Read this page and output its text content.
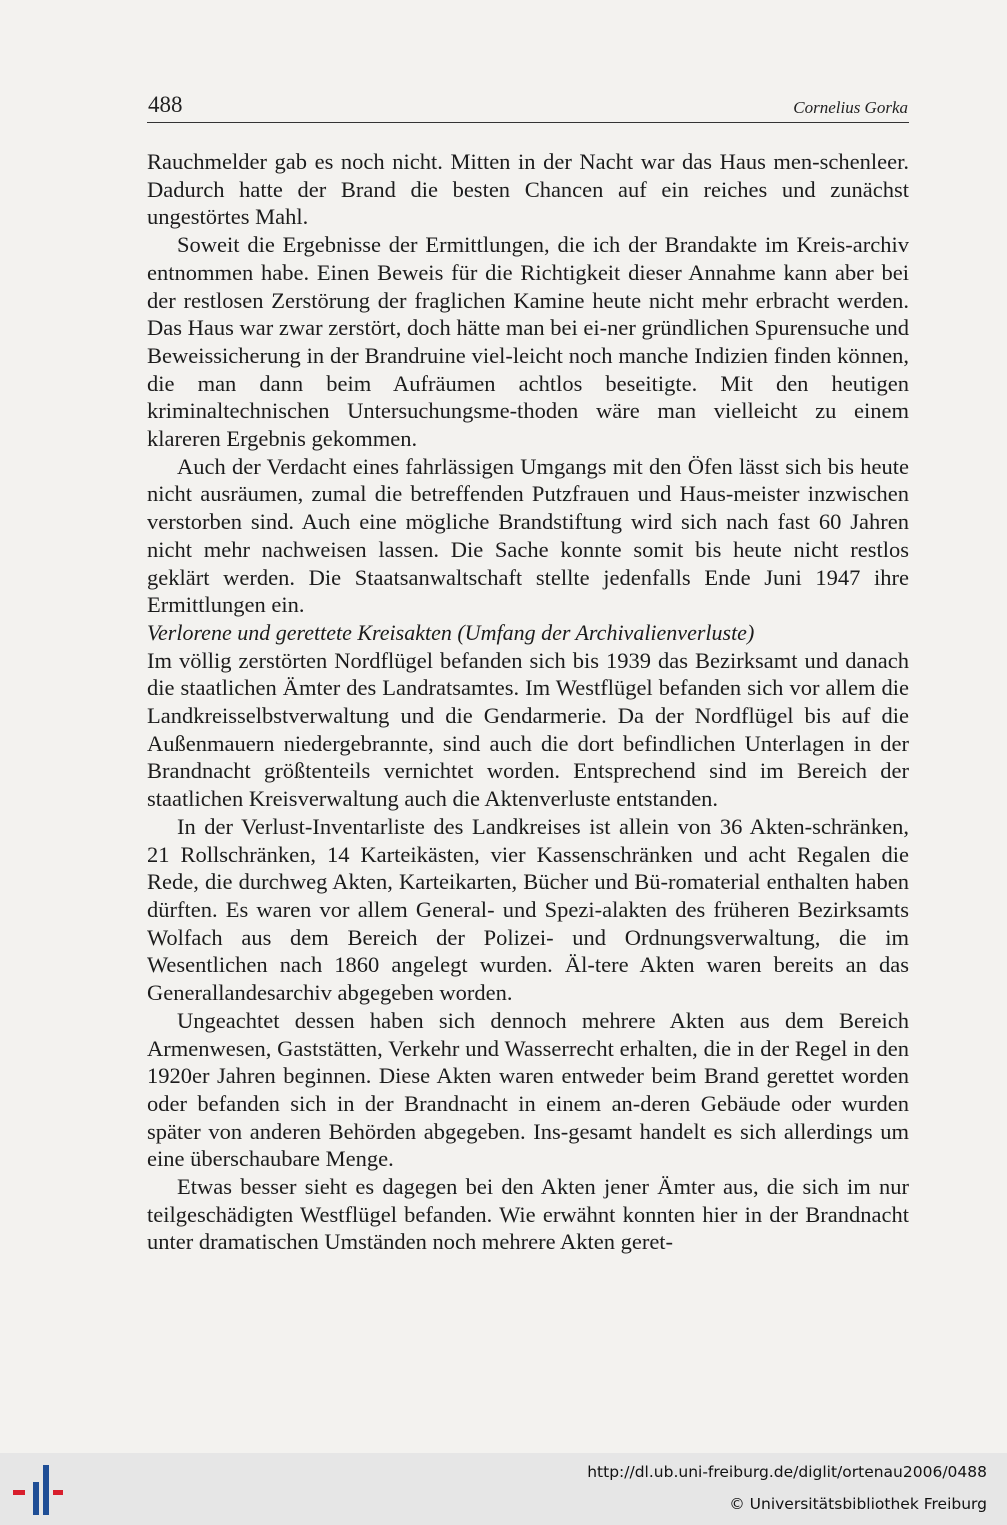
488	Cornelius Gorka

Rauchmelder gab es noch nicht. Mitten in der Nacht war das Haus men-schenleer. Dadurch hatte der Brand die besten Chancen auf ein reiches und zunächst ungestörtes Mahl.

Soweit die Ergebnisse der Ermittlungen, die ich der Brandakte im Kreis-archiv entnommen habe. Einen Beweis für die Richtigkeit dieser Annahme kann aber bei der restlosen Zerstörung der fraglichen Kamine heute nicht mehr erbracht werden. Das Haus war zwar zerstört, doch hätte man bei ei-ner gründlichen Spurensuche und Beweissicherung in der Brandruine viel-leicht noch manche Indizien finden können, die man dann beim Aufräumen achtlos beseitigte. Mit den heutigen kriminaltechnischen Untersuchungsme-thoden wäre man vielleicht zu einem klareren Ergebnis gekommen.

Auch der Verdacht eines fahrlässigen Umgangs mit den Öfen lässt sich bis heute nicht ausräumen, zumal die betreffenden Putzfrauen und Haus-meister inzwischen verstorben sind. Auch eine mögliche Brandstiftung wird sich nach fast 60 Jahren nicht mehr nachweisen lassen. Die Sache konnte somit bis heute nicht restlos geklärt werden. Die Staatsanwaltschaft stellte jedenfalls Ende Juni 1947 ihre Ermittlungen ein.

Verlorene und gerettete Kreisakten (Umfang der Archivalienverluste)

Im völlig zerstörten Nordflügel befanden sich bis 1939 das Bezirksamt und danach die staatlichen Ämter des Landratsamtes. Im Westflügel befanden sich vor allem die Landkreisselbstverwaltung und die Gendarmerie. Da der Nordflügel bis auf die Außenmauern niedergebrannte, sind auch die dort befindlichen Unterlagen in der Brandnacht größtenteils vernichtet worden. Entsprechend sind im Bereich der staatlichen Kreisverwaltung auch die Aktenverluste entstanden.

In der Verlust-Inventarliste des Landkreises ist allein von 36 Akten-schränken, 21 Rollschränken, 14 Karteikästen, vier Kassenschränken und acht Regalen die Rede, die durchweg Akten, Karteikarten, Bücher und Bü-romaterial enthalten haben dürften. Es waren vor allem General- und Spezi-alakten des früheren Bezirksamts Wolfach aus dem Bereich der Polizei- und Ordnungsverwaltung, die im Wesentlichen nach 1860 angelegt wurden. Äl-tere Akten waren bereits an das Generallandesarchiv abgegeben worden.

Ungeachtet dessen haben sich dennoch mehrere Akten aus dem Bereich Armenwesen, Gaststätten, Verkehr und Wasserrecht erhalten, die in der Regel in den 1920er Jahren beginnen. Diese Akten waren entweder beim Brand gerettet worden oder befanden sich in der Brandnacht in einem an-deren Gebäude oder wurden später von anderen Behörden abgegeben. Ins-gesamt handelt es sich allerdings um eine überschaubare Menge.

Etwas besser sieht es dagegen bei den Akten jener Ämter aus, die sich im nur teilgeschädigten Westflügel befanden. Wie erwähnt konnten hier in der Brandnacht unter dramatischen Umständen noch mehrere Akten geret-

http://dl.ub.uni-freiburg.de/diglit/ortenau2006/0488
© Universitätsbibliothek Freiburg
